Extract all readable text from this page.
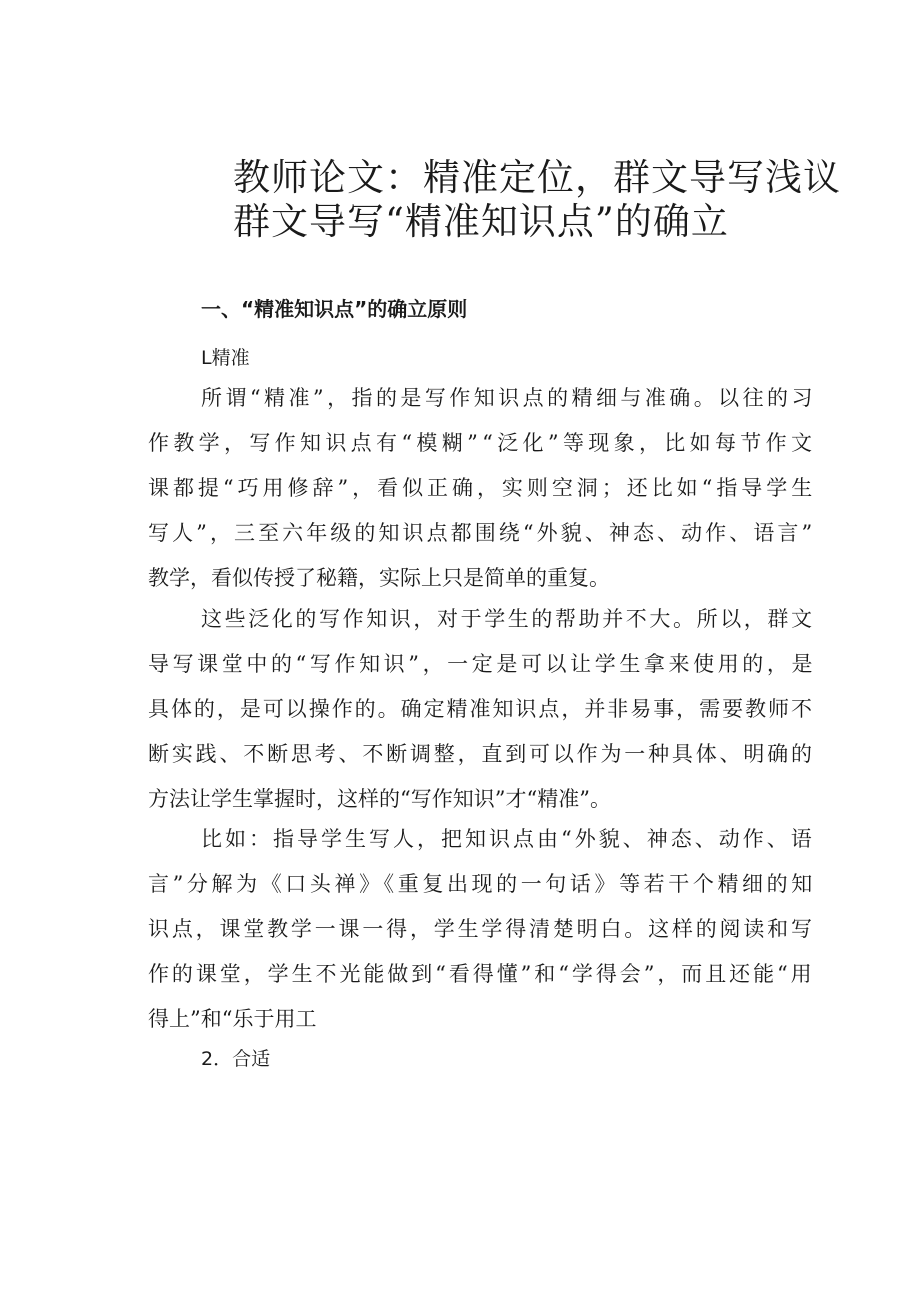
教师论文：精准定位，群文导写浅议
群文导写“精准知识点”的确立
一、“精准知识点”的确立原则
L精准
所谓“精准”，指的是写作知识点的精细与准确。以往的习
作教学，写作知识点有“模糊”“泛化”等现象，比如每节作文
课都提“巧用修辞”，看似正确，实则空洞；还比如“指导学生
写人”，三至六年级的知识点都围绕“外貌、神态、动作、语言”
教学，看似传授了秘籍，实际上只是简单的重复。
这些泛化的写作知识，对于学生的帮助并不大。所以，群文
导写课堂中的“写作知识”，一定是可以让学生拿来使用的，是
具体的，是可以操作的。确定精准知识点，并非易事，需要教师不
断实践、不断思考、不断调整，直到可以作为一种具体、明确的
方法让学生掌握时，这样的“写作知识”才“精准”。
比如：指导学生写人，把知识点由“外貌、神态、动作、语
言”分解为《口头禅》《重复出现的一句话》等若干个精细的知
识点，课堂教学一课一得，学生学得清楚明白。这样的阅读和写
作的课堂，学生不光能做到“看得懂”和“学得会”，而且还能“用
得上”和“乐于用工
2．合适
